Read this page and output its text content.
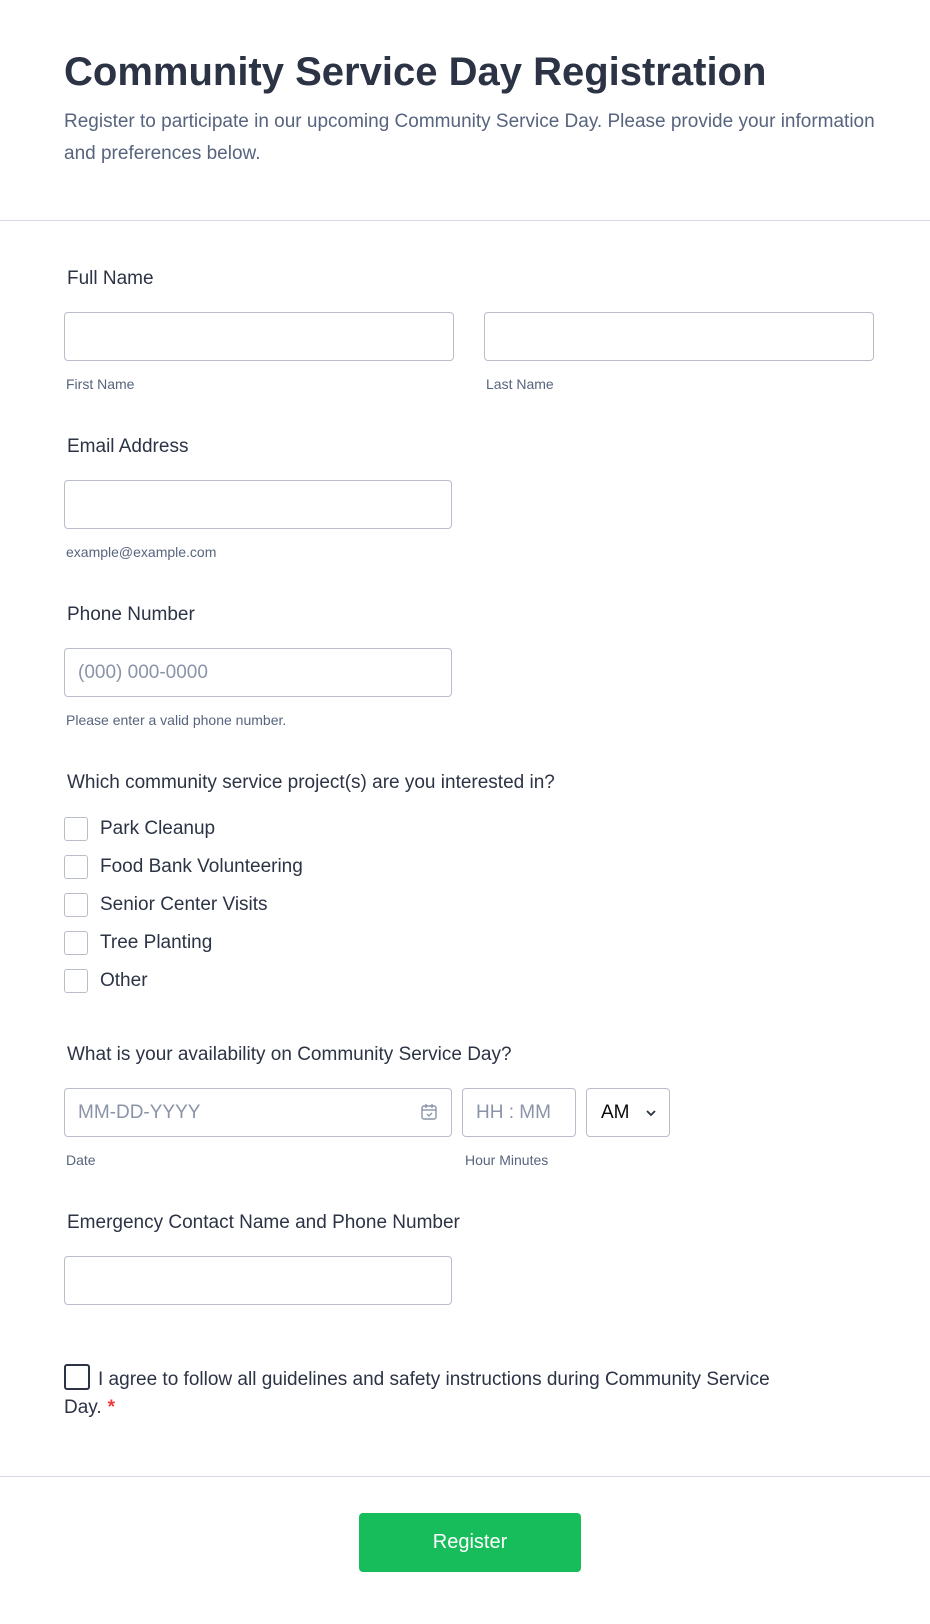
Community Service Day Registration

Register to participate in our upcoming Community Service Day. Please provide your information and preferences below.

Full Name
First Name	Last Name
Email Address
example@example.com
Phone Number
(000) 000-0000
Please enter a valid phone number.
Which community service project(s) are you interested in?
Park Cleanup
Food Bank Volunteering
Senior Center Visits
Tree Planting
Other
What is your availability on Community Service Day?
MM-DD-YYYY
HH : MM
AM
Date	Hour Minutes
Emergency Contact Name and Phone Number
I agree to follow all guidelines and safety instructions during Community Service Day. *
Register
